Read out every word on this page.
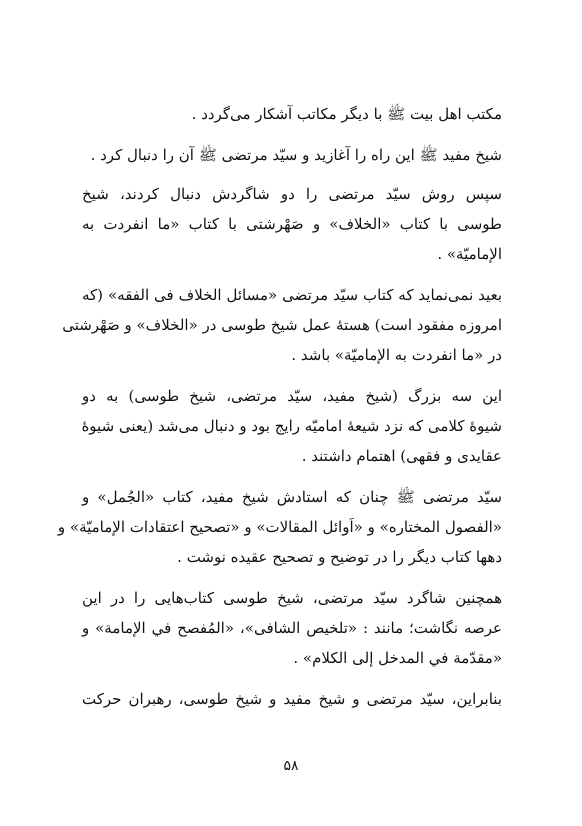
مکتب اهل بیت ﷺ با دیگر مکاتب آشکار می‌گردد .
شیخ مفید ﷺ این راه را آغازید و سیّد مرتضی ﷺ آن را دنبال کرد .
سپس روش سیّد مرتضی را دو شاگردش دنبال کردند، شیخ
طوسی با کتاب «الخلاف» و صَهْرشتی با کتاب «ما انفردت به
الإمامیّة» .
بعید نمی‌نماید که کتاب سیّد مرتضی «مسائل الخلاف فی الفقه» (که
امروزه مفقود است) هستهٔ عمل شیخ طوسی در «الخلاف» و صَهْرشتی
در «ما انفردت به الإمامیّة» باشد .
این سه بزرگ (شیخ مفید، سیّد مرتضی، شیخ طوسی) به دو
شیوهٔ کلامی که نزد شیعهٔ امامیّه رایج بود و دنبال می‌شد (یعنی شیوهٔ
عقایدی و فقهی) اهتمام داشتند .
سیّد مرتضی ﷺ چنان که استادش شیخ مفید، کتاب «الجُمل» و
«الفصول المختاره» و «اَوائل المقالات» و «تصحیح اعتقادات الإمامیّة» و
دهها کتاب دیگر را در توضیح و تصحیح عقیده نوشت .
همچنین شاگرد سیّد مرتضی، شیخ طوسی کتاب‌هایی را در این
عرصه نگاشت؛ مانند : «تلخیص الشافی»، «المُفصح في الإمامة» و
«مقدّمة في المدخل إلی الکلام» .
بنابراین، سیّد مرتضی و شیخ مفید و شیخ طوسی، رهبران حرکت
۵۸
